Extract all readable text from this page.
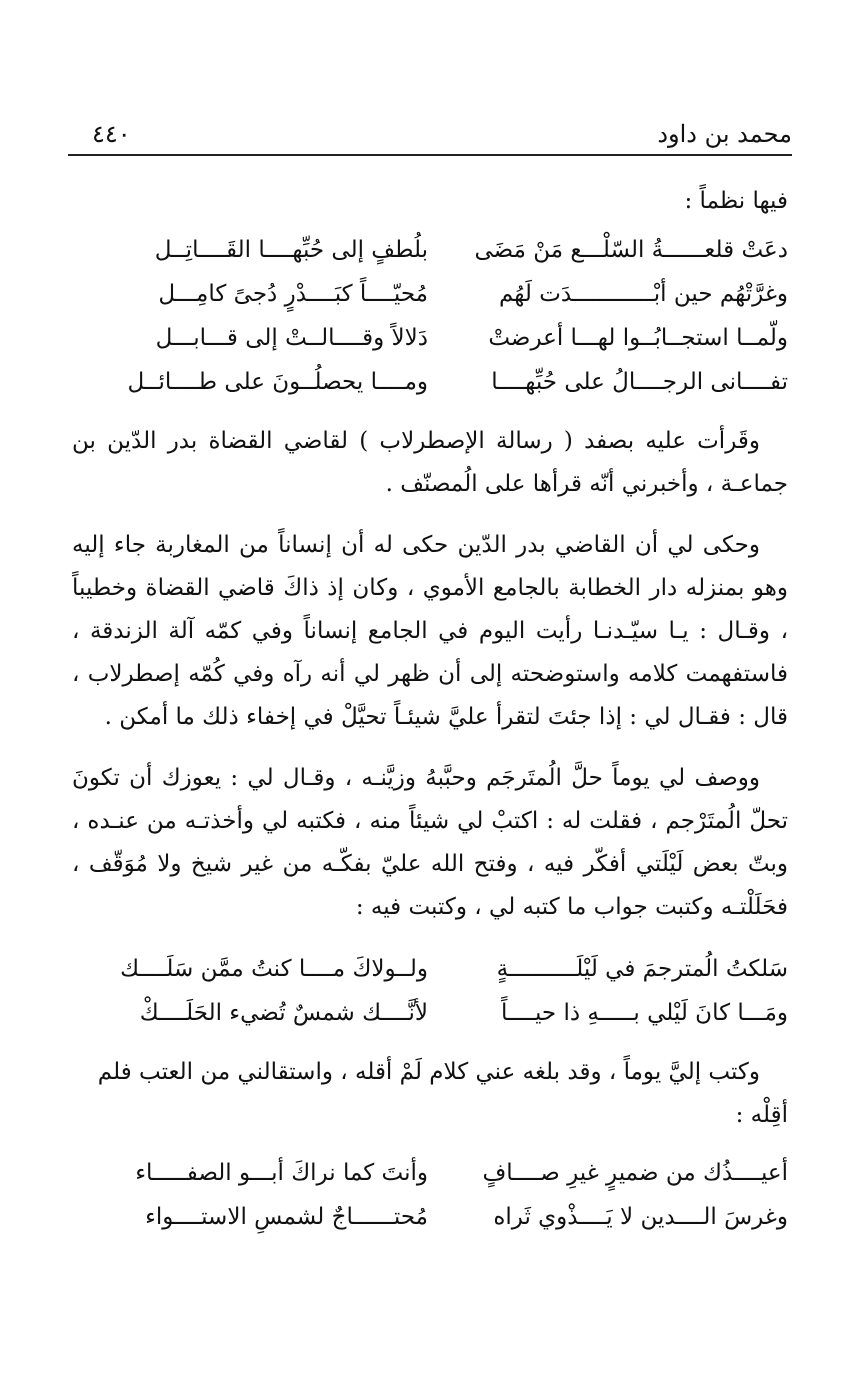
محمد بن داود
٤٤٠
فيها نظماً :
دعَتْ قلعــــــةُ السّلْـــع مَنْ مَضَى
بلُطفٍ إلى حُبِّهــــا القَــــاتِــل
وغرَّتْهُم حين أبْــــــــــــدَت لَهُم
مُحيّــــاً كبَــــدْرٍ دُجىً كامِـــل
ولّمــا استجــابُــوا لهـــا أعرضتْ
دَلالاً وقــــالــتْ إلى قـــابـــل
تفــــانى الرجــــالُ على حُبِّهــــا
ومــــا يحصلُــونَ على طــــائــل

وقَرأت عليه بصفد ( رسالة الإصطرلاب ) لقاضي القضاة بدر الدّين بن جماعـة ، وأخبرني أنّه قرأها على الُمصنّف .

وحكى لي أن القاضي بدر الدّين حكى له أن إنساناً من المغاربة جاء إليه وهو بمنزله دار الخطابة بالجامع الأموي ، وكان إذ ذاكَ قاضي القضاة وخطيباً ، وقـال : يـا سيّـدنـا رأيت اليوم في الجامع إنساناً وفي كمّه آلة الزندقة ، فاستفهمت كلامه واستوضحته إلى أن ظهر لي أنه رآه وفي كُمّه إصطرلاب ، قال : فقـال لي : إذا جئتَ لتقرأ عليَّ شيئـاً تحيَّلْ في إخفاء ذلك ما أمكن .

ووصف لي يوماً حلَّ الُمتَرجَم وحبَّبهُ وزيَّنـه ، وقـال لي : يعوزك أن تكونَ تحلّ الُمتَرْجم ، فقلت له : اكتبْ لي شيئاً منه ، فكتبه لي وأخذتـه من عنـده ، وبتّ بعض لَيْلَتي أفكّر فيه ، وفتح الله عليّ بفكّـه من غير شيخ ولا مُوَقّف ، فحَلَلْتـه وكتبت جواب ما كتبه لي ، وكتبت فيه :

سَلكتُ الُمترجمَ في لَيْلَــــــــــةٍ
ولــولاكَ مــــا كنتُ ممَّن سَلَــــك
ومَـــا كانَ لَيْلي بـــــهِ ذا حيــــاً
لأنَّــــك شمسٌ تُضيء الحَلَــــكْ

وكتب إليَّ يوماً ، وقد بلغه عني كلام لَمْ أقله ، واستقالني من العتب فلم أقِلْه :

أعيــــذُك من ضميرٍ غيرِ صــــافٍ
وأنتَ كما نراكَ أبـــو الصفـــــاء
وغرسَ الــــدين لا يَــــذْوي ثَراه
مُحتــــــاجٌ لشمسِ الاستــــواء
